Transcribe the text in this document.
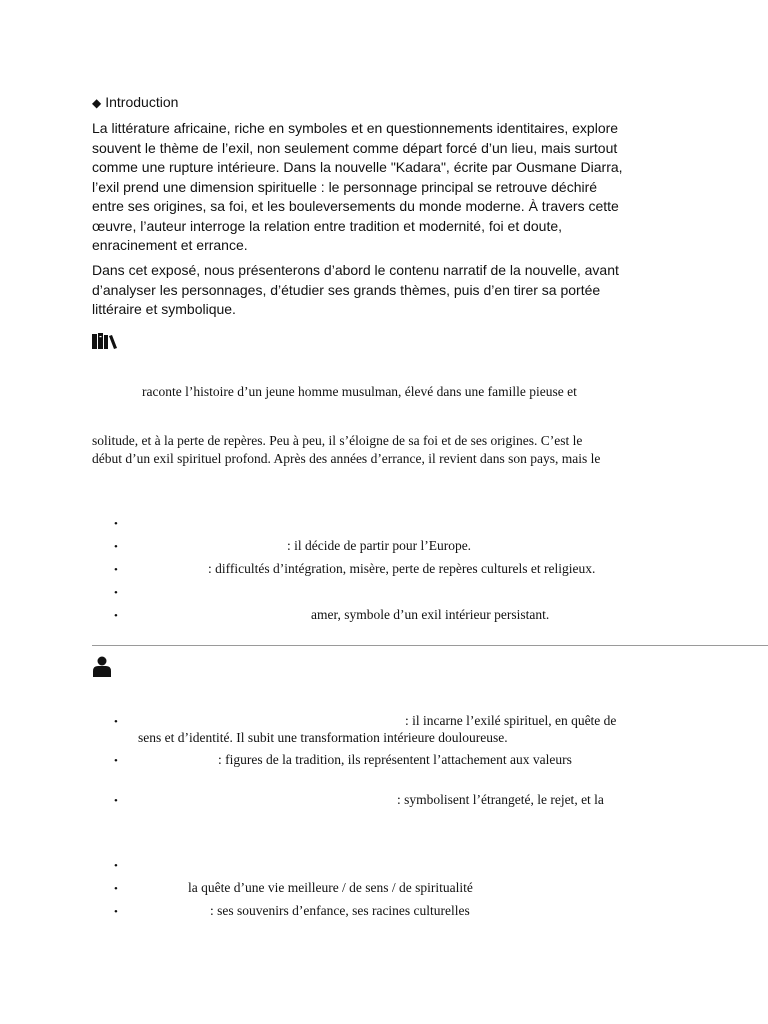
◆ Introduction
La littérature africaine, riche en symboles et en questionnements identitaires, explore
souvent le thème de l’exil, non seulement comme départ forcé d’un lieu, mais surtout
comme une rupture intérieure. Dans la nouvelle "Kadara", écrite par Ousmane Diarra,
l’exil prend une dimension spirituelle : le personnage principal se retrouve déchiré
entre ses origines, sa foi, et les bouleversements du monde moderne. À travers cette
œuvre, l’auteur interroge la relation entre tradition et modernité, foi et doute,
enracinement et errance.
Dans cet exposé, nous présenterons d’abord le contenu narratif de la nouvelle, avant
d’analyser les personnages, d’étudier ses grands thèmes, puis d’en tirer sa portée
littéraire et symbolique.
raconte l’histoire d’un jeune homme musulman, élevé dans une famille pieuse et
solitude, et à la perte de repères. Peu à peu, il s’éloigne de sa foi et de ses origines. C’est le
début d’un exil spirituel profond. Après des années d’errance, il revient dans son pays, mais le
•
•	: il décide de partir pour l’Europe.
•	: difficultés d’intégration, misère, perte de repères culturels et religieux.
•
•	amer, symbole d’un exil intérieur persistant.
•	: il incarne l’exilé spirituel, en quête de
sens et d’identité. Il subit une transformation intérieure douloureuse.
•	: figures de la tradition, ils représentent l’attachement aux valeurs
•	: symbolisent l’étrangeté, le rejet, et la
•
•	la quête d’une vie meilleure / de sens / de spiritualité
•	: ses souvenirs d’enfance, ses racines culturelles
